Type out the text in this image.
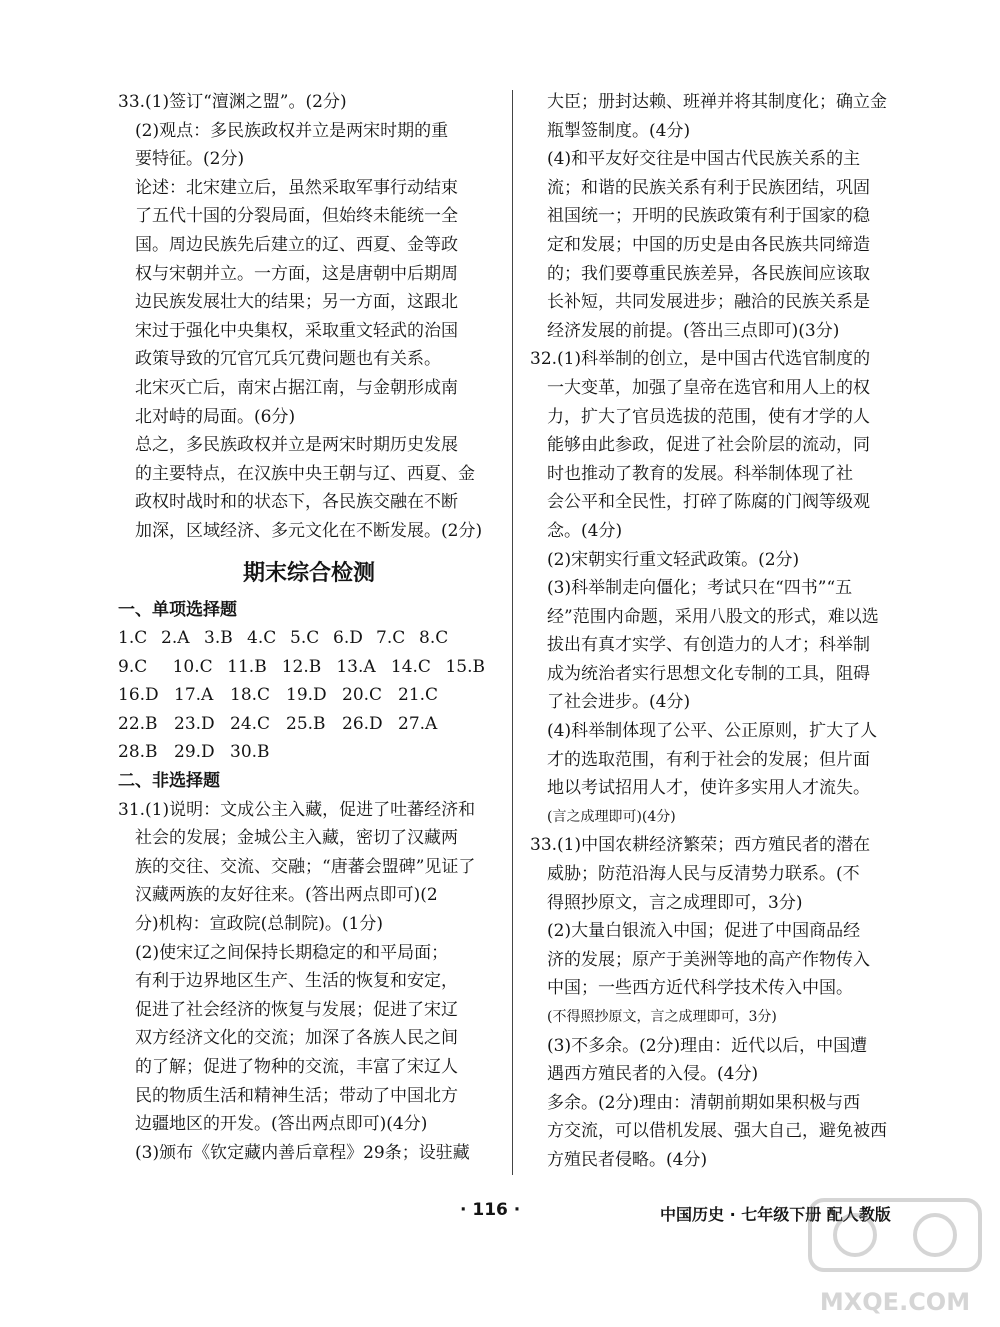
33.(1)签订“澶渊之盟”。(2分)
(2)观点：多民族政权并立是两宋时期的重
要特征。(2分)
论述：北宋建立后，虽然采取军事行动结束
了五代十国的分裂局面，但始终未能统一全
国。周边民族先后建立的辽、西夏、金等政
权与宋朝并立。一方面，这是唐朝中后期周
边民族发展壮大的结果；另一方面，这跟北
宋过于强化中央集权，采取重文轻武的治国
政策导致的冗官冗兵冗费问题也有关系。
北宋灭亡后，南宋占据江南，与金朝形成南
北对峙的局面。(6分)
总之，多民族政权并立是两宋时期历史发展
的主要特点，在汉族中央王朝与辽、西夏、金
政权时战时和的状态下，各民族交融在不断
加深，区域经济、多元文化在不断发展。(2分)
期末综合检测
一、单项选择题
1.C 2.A 3.B 4.C 5.C 6.D 7.C 8.C
9.C	10.C 11.B 12.B 13.A 14.C 15.B
16.D 17.A 18.C 19.D 20.C 21.C
22.B 23.D 24.C 25.B 26.D 27.A
28.B 29.D 30.B
二、非选择题
31.(1)说明：文成公主入藏，促进了吐蕃经济和
社会的发展；金城公主入藏，密切了汉藏两
族的交往、交流、交融；“唐蕃会盟碑”见证了
汉藏两族的友好往来。(答出两点即可)(2
分)机构：宣政院(总制院)。(1分)
(2)使宋辽之间保持长期稳定的和平局面；
有利于边界地区生产、生活的恢复和安定，
促进了社会经济的恢复与发展；促进了宋辽
双方经济文化的交流；加深了各族人民之间
的了解；促进了物种的交流，丰富了宋辽人
民的物质生活和精神生活；带动了中国北方
边疆地区的开发。(答出两点即可)(4分)
(3)颁布《钦定藏内善后章程》29条；设驻藏
大臣；册封达赖、班禅并将其制度化；确立金
瓶掣签制度。(4分)
(4)和平友好交往是中国古代民族关系的主
流；和谐的民族关系有利于民族团结，巩固
祖国统一；开明的民族政策有利于国家的稳
定和发展；中国的历史是由各民族共同缔造
的；我们要尊重民族差异，各民族间应该取
长补短，共同发展进步；融洽的民族关系是
经济发展的前提。(答出三点即可)(3分)
32.(1)科举制的创立，是中国古代选官制度的
一大变革，加强了皇帝在选官和用人上的权
力，扩大了官员选拔的范围，使有才学的人
能够由此参政，促进了社会阶层的流动，同
时也推动了教育的发展。科举制体现了社
会公平和全民性，打碎了陈腐的门阀等级观
念。(4分)
(2)宋朝实行重文轻武政策。(2分)
(3)科举制走向僵化；考试只在“四书”“五
经”范围内命题，采用八股文的形式，难以选
拔出有真才实学、有创造力的人才；科举制
成为统治者实行思想文化专制的工具，阻碍
了社会进步。(4分)
(4)科举制体现了公平、公正原则，扩大了人
才的选取范围，有利于社会的发展；但片面
地以考试招用人才，使许多实用人才流失。
(言之成理即可)(4分)
33.(1)中国农耕经济繁荣；西方殖民者的潜在
威胁；防范沿海人民与反清势力联系。(不
得照抄原文，言之成理即可，3分)
(2)大量白银流入中国；促进了中国商品经
济的发展；原产于美洲等地的高产作物传入
中国；一些西方近代科学技术传入中国。
(不得照抄原文，言之成理即可，3分)
(3)不多余。(2分)理由：近代以后，中国遭
遇西方殖民者的入侵。(4分)
多余。(2分)理由：清朝前期如果积极与西
方交流，可以借机发展、强大自己，避免被西
方殖民者侵略。(4分)
· 116 ·	中国历史 · 七年级下册 配人教版
MXQE.COM
